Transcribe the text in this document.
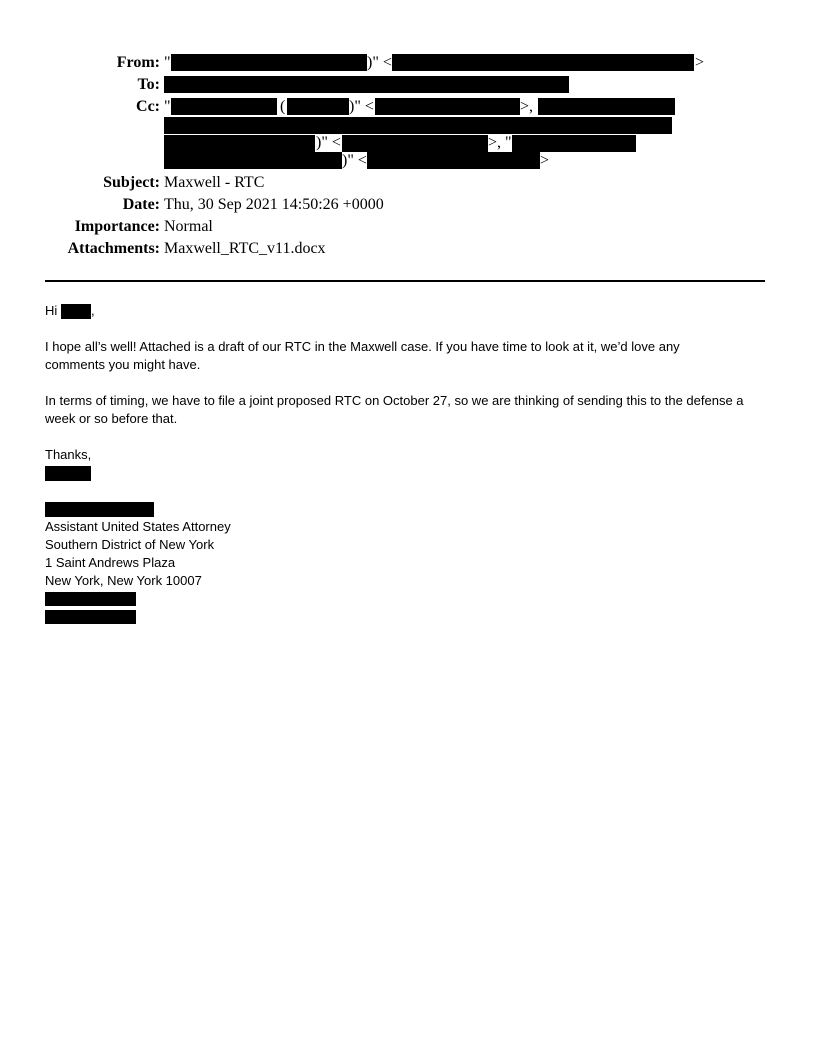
From: "	)" <	>
To:
Cc: "	(	)" <	>,
)" <	>, "
)" <	>
Subject: Maxwell - RTC
Date: Thu, 30 Sep 2021 14:50:26 +0000
Importance: Normal
Attachments: Maxwell_RTC_v11.docx
Hi	,
I hope all’s well! Attached is a draft of our RTC in the Maxwell case. If you have time to look at it, we’d love any
comments you might have.
In terms of timing, we have to file a joint proposed RTC on October 27, so we are thinking of sending this to the defense a
week or so before that.
Thanks,
Assistant United States Attorney
Southern District of New York
1 Saint Andrews Plaza
New York, New York 10007
